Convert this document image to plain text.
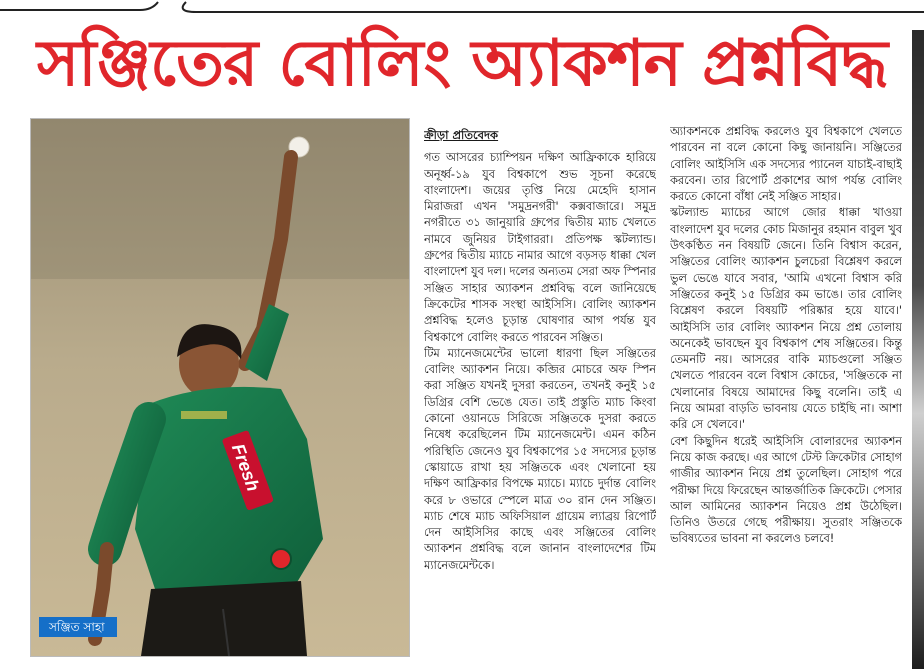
সঞ্জিতের বোলিং অ্যাকশন প্রশ্নবিদ্ধ
Fresh
সঞ্জিত সাহা
ক্রীড়া প্রতিবেদক

গত আসরের চ্যাম্পিয়ন দক্ষিণ আফ্রিকাকে হারিয়ে অনূর্ধ্ব-১৯ যুব বিশ্বকাপে শুভ সূচনা করেছে বাংলাদেশ। জয়ের তৃপ্তি নিয়ে মেহেদি হাসান মিরাজরা এখন 'সমুদ্রনগরী' কক্সবাজারে। সমুদ্র নগরীতে ৩১ জানুয়ারি গ্রুপের দ্বিতীয় ম্যাচ খেলতে নামবে জুনিয়র টাইগাররা। প্রতিপক্ষ স্কটল্যান্ড। গ্রুপের দ্বিতীয় ম্যাচে নামার আগে বড়সড় ধাক্কা খেল বাংলাদেশ যুব দল। দলের অন্যতম সেরা অফ স্পিনার সঞ্জিত সাহার অ্যাকশন প্রশ্নবিদ্ধ বলে জানিয়েছে ক্রিকেটের শাসক সংস্থা আইসিসি। বোলিং অ্যাকশন প্রশ্নবিদ্ধ হলেও চূড়ান্ত ঘোষণার আগ পর্যন্ত যুব বিশ্বকাপে বোলিং করতে পারবেন সঞ্জিত।

টিম ম্যানেজমেন্টের ভালো ধারণা ছিল সঞ্জিতের বোলিং অ্যাকশন নিয়ে। কব্জির মোচরে অফ স্পিন করা সঞ্জিত যখনই দুসরা করতেন, তখনই কনুই ১৫ ডিগ্রির বেশি ভেঙে যেত। তাই প্রস্তুতি ম্যাচ কিংবা কোনো ওয়ানডে সিরিজে সঞ্জিতকে দুসরা করতে নিষেধ করেছিলেন টিম ম্যানেজমেন্ট। এমন কঠিন পরিস্থিতি জেনেও যুব বিশ্বকাপের ১৫ সদস্যের চূড়ান্ত স্কোয়াডে রাখা হয় সঞ্জিতকে এবং খেলানো হয় দক্ষিণ আফ্রিকার বিপক্ষে ম্যাচে। ম্যাচে দুর্দান্ত বোলিং করে ৮ ওভারে স্পেলে মাত্র ৩০ রান দেন সঞ্জিত। ম্যাচ শেষে ম্যাচ অফিসিয়াল গ্রায়েম ল্যাব্রয় রিপোর্ট দেন আইসিসির কাছে এবং সঞ্জিতের বোলিং অ্যাকশন প্রশ্নবিদ্ধ বলে জানান বাংলাদেশের টিম ম্যানেজমেন্টকে।

অ্যাকশনকে প্রশ্নবিদ্ধ করলেও যুব বিশ্বকাপে খেলতে পারবেন না বলে কোনো কিছু জানায়নি। সঞ্জিতের বোলিং আইসিসি এক সদস্যের প্যানেল যাচাই-বাছাই করবেন। তার রিপোর্ট প্রকাশের আগ পর্যন্ত বোলিং করতে কোনো বাঁধা নেই সঞ্জিত সাহার।

স্কটল্যান্ড ম্যাচের আগে জোর ধাক্কা খাওয়া বাংলাদেশ যুব দলের কোচ মিজানুর রহমান বাবুল খুব উৎকণ্ঠিত নন বিষয়টি জেনে। তিনি বিশ্বাস করেন, সঞ্জিতের বোলিং অ্যাকশন চুলচেরা বিশ্লেষণ করলে ভুল ভেঙে যাবে সবার, 'আমি এখনো বিশ্বাস করি সঞ্জিতের কনুই ১৫ ডিগ্রির কম ভাঙে। তার বোলিং বিশ্লেষণ করলে বিষয়টি পরিষ্কার হয়ে যাবে।' আইসিসি তার বোলিং অ্যাকশন নিয়ে প্রশ্ন তোলায় অনেকেই ভাবছেন যুব বিশ্বকাপ শেষ সঞ্জিতের। কিন্তু তেমনটি নয়। আসরের বাকি ম্যাচগুলো সঞ্জিত খেলতে পারবেন বলে বিশ্বাস কোচের, 'সঞ্জিতকে না খেলানোর বিষয়ে আমাদের কিছু বলেনি। তাই এ নিয়ে আমরা বাড়তি ভাবনায় যেতে চাইছি না। আশা করি সে খেলবে।'

বেশ কিছুদিন ধরেই আইসিসি বোলারদের অ্যাকশন নিয়ে কাজ করছে। এর আগে টেস্ট ক্রিকেটার সোহাগ গাজীর অ্যাকশন নিয়ে প্রশ্ন তুলেছিল। সোহাগ পরে পরীক্ষা দিয়ে ফিরেছেন আন্তর্জাতিক ক্রিকেটে। পেসার আল আমিনের অ্যাকশন নিয়েও প্রশ্ন উঠেছিল। তিনিও উতরে গেছে পরীক্ষায়। সুতরাং সঞ্জিতকে ভবিষ্যতের ভাবনা না করলেও চলবে!
